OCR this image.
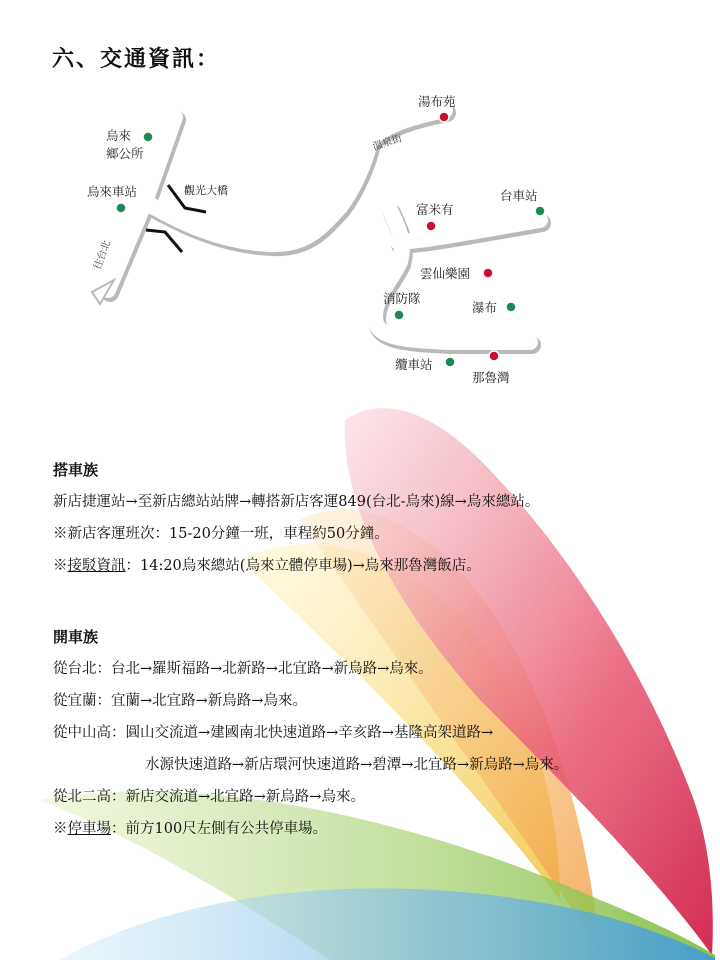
六、交通資訊：
烏來
鄉公所
烏來車站	觀光大橋
溫泉街
往台北
湯布苑
富米有
台車站
雲仙樂園
消防隊
瀑布
纜車站
那魯灣
搭車族
新店捷運站→至新店總站站牌→轉搭新店客運849(台北-烏來)線→烏來總站。
※新店客運班次：15-20分鐘一班，車程約50分鐘。
※接駁資訊：14:20烏來總站(烏來立體停車場)→烏來那魯灣飯店。
開車族
從台北：台北→羅斯福路→北新路→北宜路→新烏路→烏來。
從宜蘭：宜蘭→北宜路→新烏路→烏來。
從中山高：圓山交流道→建國南北快速道路→辛亥路→基隆高架道路→
水源快速道路→新店環河快速道路→碧潭→北宜路→新烏路→烏來。
從北二高：新店交流道→北宜路→新烏路→烏來。
※停車場：前方100尺左側有公共停車場。
